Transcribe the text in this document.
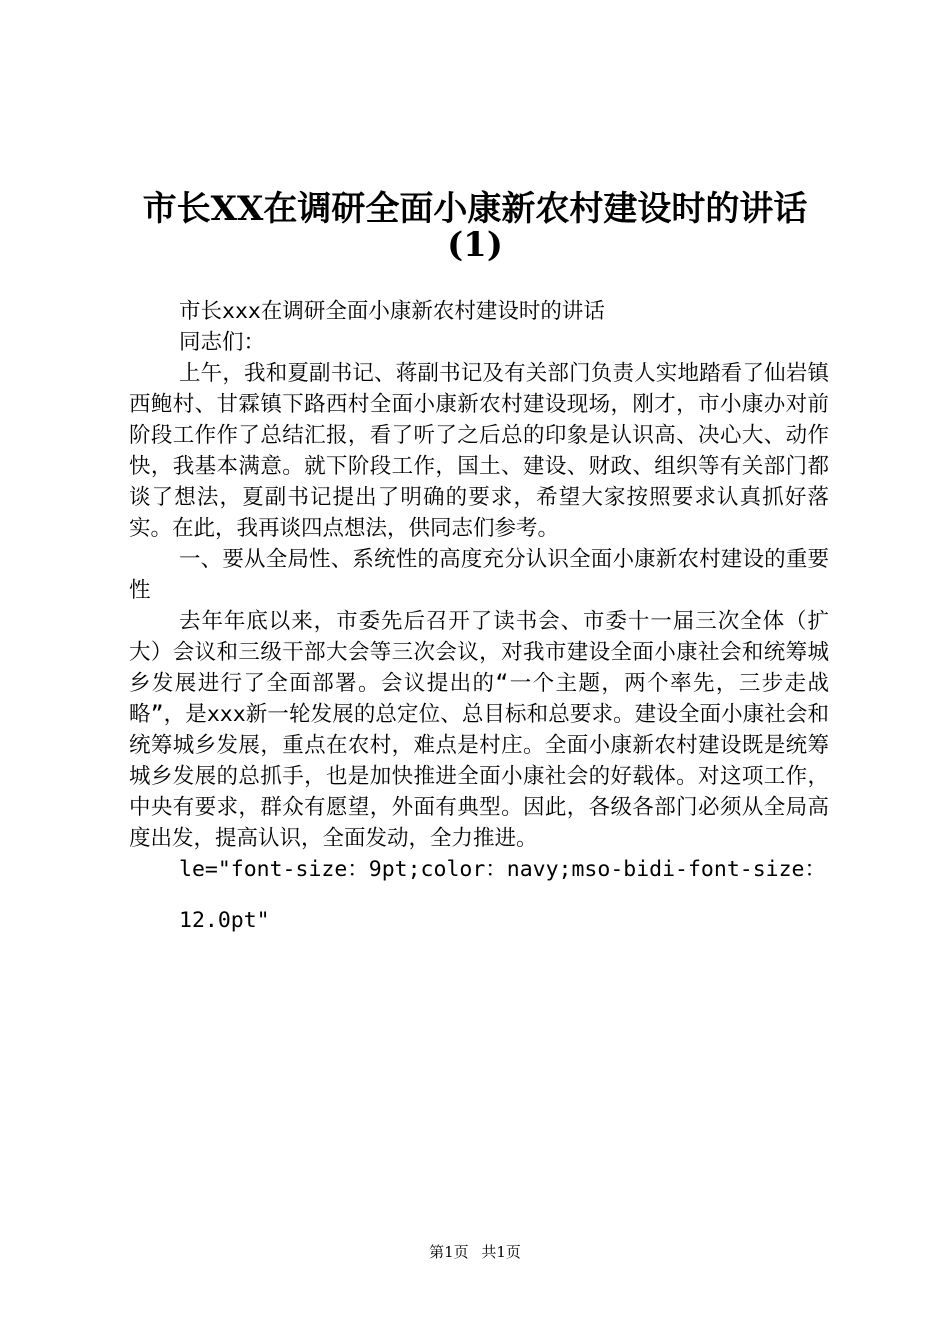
市长XX在调研全面小康新农村建设时的讲话
(1)

市长xxx在调研全面小康新农村建设时的讲话

同志们：

上午，我和夏副书记、蒋副书记及有关部门负责人实地踏看了仙岩镇西鲍村、甘霖镇下路西村全面小康新农村建设现场，刚才，市小康办对前阶段工作作了总结汇报，看了听了之后总的印象是认识高、决心大、动作快，我基本满意。就下阶段工作，国土、建设、财政、组织等有关部门都谈了想法，夏副书记提出了明确的要求，希望大家按照要求认真抓好落实。在此，我再谈四点想法，供同志们参考。

一、要从全局性、系统性的高度充分认识全面小康新农村建设的重要性

去年年底以来，市委先后召开了读书会、市委十一届三次全体（扩大）会议和三级干部大会等三次会议，对我市建设全面小康社会和统筹城乡发展进行了全面部署。会议提出的“一个主题，两个率先，三步走战略”，是xxx新一轮发展的总定位、总目标和总要求。建设全面小康社会和统筹城乡发展，重点在农村，难点是村庄。全面小康新农村建设既是统筹城乡发展的总抓手，也是加快推进全面小康社会的好载体。对这项工作，中央有要求，群众有愿望，外面有典型。因此，各级各部门必须从全局高度出发，提高认识，全面发动，全力推进。

le="font-size：9pt;color：navy;mso-bidi-font-size：

12.0pt"

第1页 共1页
